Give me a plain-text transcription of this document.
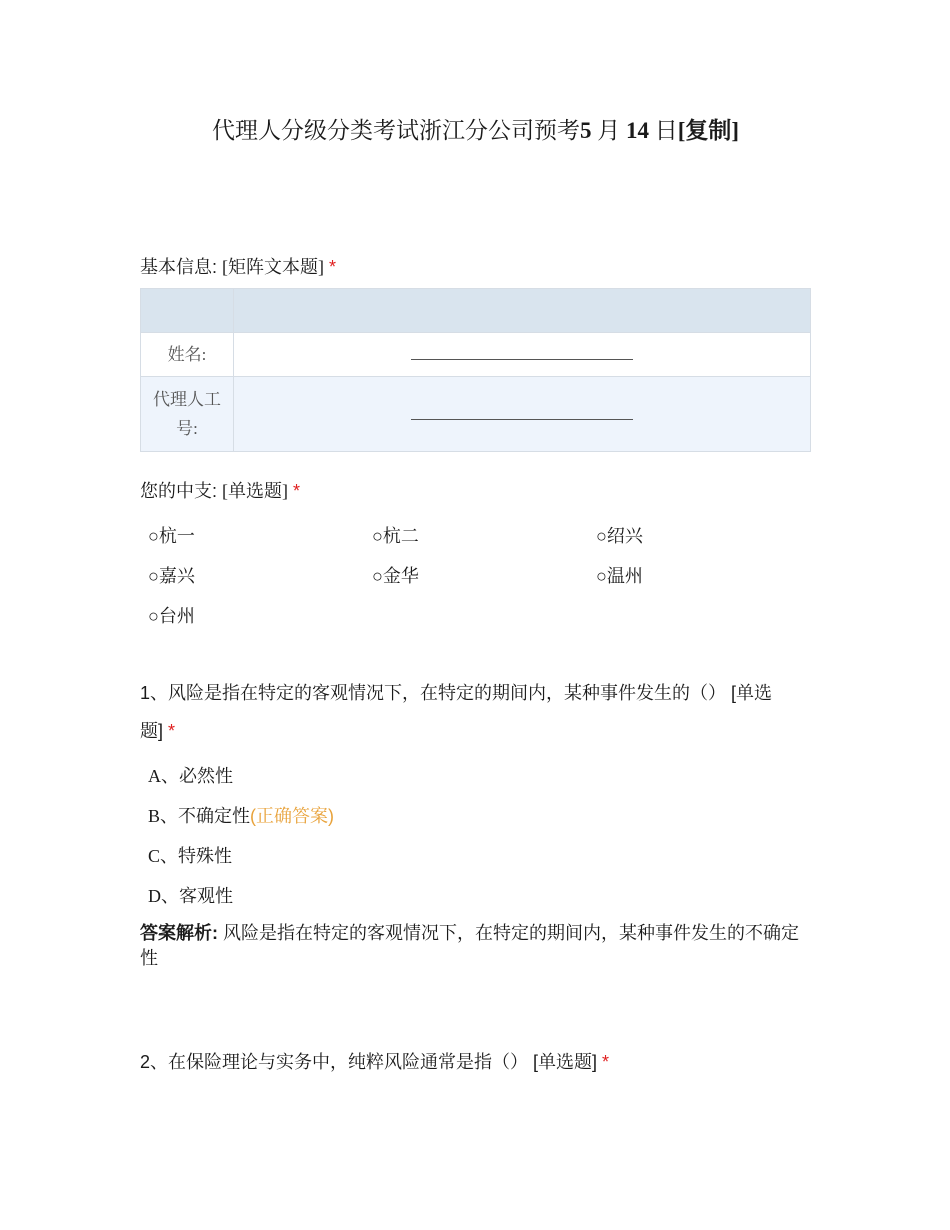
代理人分级分类考试浙江分公司预考5 月 14 日[复制]
基本信息: [矩阵文本题] *

姓名:	

代理人工
号:	

您的中支: [单选题] *
○杭一	○杭二	○绍兴
○嘉兴	○金华	○温州
○台州
1、风险是指在特定的客观情况下，在特定的期间内，某种事件发生的（） [单选
题] *
A、必然性
B、不确定性(正确答案)
C、特殊性
D、客观性
答案解析: 风险是指在特定的客观情况下，在特定的期间内，某种事件发生的不确定性
2、在保险理论与实务中，纯粹风险通常是指（） [单选题] *
